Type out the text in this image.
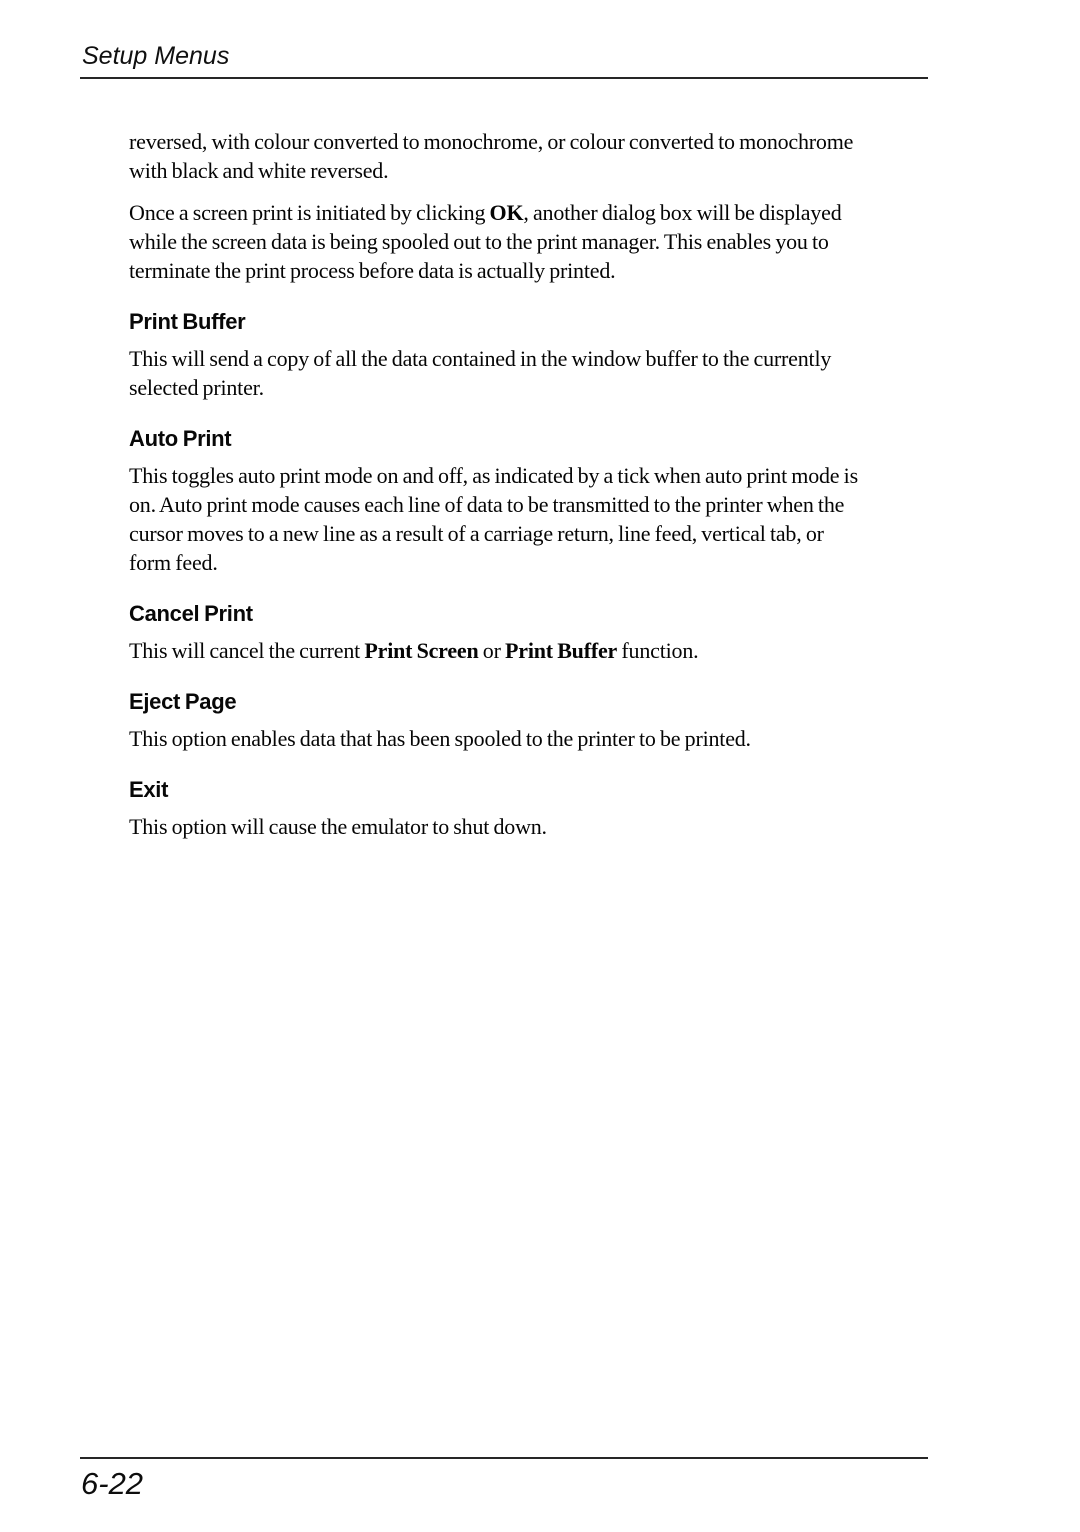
Setup Menus

reversed, with colour converted to monochrome, or colour converted to monochrome
with black and white reversed.

Once a screen print is initiated by clicking OK, another dialog box will be displayed
while the screen data is being spooled out to the print manager. This enables you to
terminate the print process before data is actually printed.

Print Buffer

This will send a copy of all the data contained in the window buffer to the currently
selected printer.

Auto Print

This toggles auto print mode on and off, as indicated by a tick when auto print mode is
on. Auto print mode causes each line of data to be transmitted to the printer when the
cursor moves to a new line as a result of a carriage return, line feed, vertical tab, or
form feed.

Cancel Print

This will cancel the current Print Screen or Print Buffer function.

Eject Page

This option enables data that has been spooled to the printer to be printed.

Exit

This option will cause the emulator to shut down.

6-22
